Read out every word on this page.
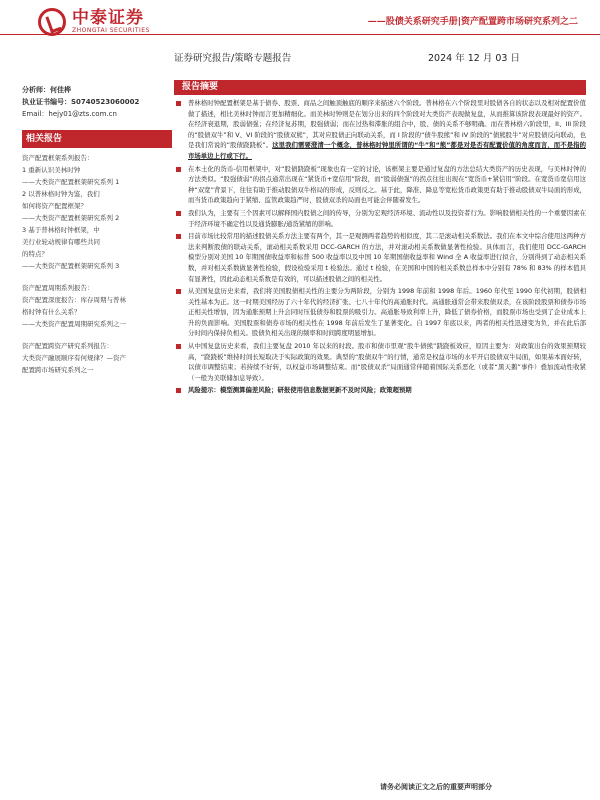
中泰证券
ZHONGTAI SECURITIES
——股债关系研究手册|资产配置跨市场研究系列之二
证券研究报告/策略专题报告	2024 年 12 月 03 日
分析师：何佳桦
执业证书编号：S0740523060002
Email：hejy01@zts.com.cn
相关报告
资产配置框架系列报告：
1 重新认识美林时钟
——大类资产配置框架研究系列 1
2 以普林格时钟为鉴，我们
如何将资产配置框架？
——大类资产配置框架研究系列 2
3 基于普林格时钟框架，中
美行业轮动规律有哪些共同
的特点？
——大类资产配置框架研究系列 3
资产配置周期系列报告：
资产配置深度报告：库存周期与普林
格时钟有什么关系？
——大类资产配置周期研究系列之一
资产配置跨资产研究系列报告：
大类资产融展顺序有何规律？—资产
配置跨市场研究系列之一
报告摘要
普林格时钟配置框架是基于债券、股票、商品之间触顶触底的顺序来描述六个阶段。普林格在六个阶段里对股债各自的状态以及相对配置价值做了描述，相比美林时钟而言更加精细化。而美林时钟则是在划分出来的四个阶段对大类资产表现做复盘，从而推算该阶段表现最好的资产。在经济衰退期，股弱债强；在经济复苏期，股强债弱；而在过热和滞胀的组合中，股、债的关系不够明确。而在普林格六阶段里，II、III 阶段的“股债双牛”和 V、VI 阶段的“股债双熊”，其对应股债正向联动关系，而 I 阶段的“债牛股熊”和 IV 阶段的“债熊股牛”对应股债反向联动，也是我们常说的“股债跷跷板”。这里我们需要澄清一个概念，普林格时钟里所谓的“牛”和“熊”都是对是否有配置价值的角度而言，而不是指的市场单边上行或下行。
在本土化的货币-信用框架中，对“股债跷跷板”现象也有一定的讨论，该框架主要是通过复盘的方法总结大类资产的历史表现，与美林时钟的方法类似。“股强债弱”的拐点通常出现在“紧货币+宽信用”阶段，而“股弱债强”的拐点往往出现在“宽货币+紧信用”阶段。在宽货币宽信用这种“双宽”背景下，往往有助于推动股债双牛格局的形成，反则反之。基于此，降准、降息等宽松货币政策更有助于推动股债双牛局面的形成，而当货币政策趋向于紧缩、监管政策趋严时，股债双杀的局面也可能会伴随着发生。
我们认为，主要有三个因素可以解释国内股债之间的传导，分别为宏观经济环境、流动性以及投资者行为。影响股债相关性的一个重要因素在于经济环境不确定性以及通货膨胀/通货紧缩的影响。
目前市场比较常用的描述股债关系方法主要有两个，其一是观测两者趋势的相似度，其二是滚动相关系数法。我们在本文中综合使用这两种方法来判断股债的联动关系，滚动相关系数采用 DCC-GARCH 的方法，并对滚动相关系数做显著性检验。具体而言，我们使用 DCC-GARCH 模型分别对美国 10 年期国债收益率和标普 500 收益率以及中国 10 年期国债收益率和 Wind 全 A 收益率进行拟合，分别得到了动态相关系数，并对相关系数做显著性检验，假设检验采用 t 检验法。通过 t 检验，在美国和中国的相关系数总样本中分别有 78% 和 83% 的样本值具有显著性，因此动态相关系数是有效的，可以描述股债之间的相关性。
从美国复盘历史来看，我们将美国股债相关性的主要分为两阶段，分别为 1998 年前和 1998 年后。1960 年代至 1990 年代初期，股债相关性基本为正。这一时期美国经历了六十年代的经济扩张、七八十年代的高通胀时代。高通胀通常会带来股债双杀，在该阶段股票和债券市场正相关性增加，因为通胀预期上升会同时压低债券和股票的吸引力。高通胀导致利率上升，降低了债券价格，而股票市场也受到了企业成本上升的负面影响。美国股票和债券市场的相关性在 1998 年前后发生了显著变化。自 1997 年底以来，两者的相关性迅速变为负，并在此后部分时间内保持负相关。股债负相关出现的频率和时间跨度明显增加。
从中国复盘历史来看，我们主要复盘 2010 年以来的时段。股市和债市里观“股牛债熊”跷跷板效应，原因主要为：对政策出台的效果预期较高，“跷跷板”维持时间长短取决于实际政策的效果。典型的“股债双牛”的行情，通常是权益市场的水平开启股债双牛局面，如果基本面好转，以债市调整结束；若持续不好转，以权益市场调整结束。而“股债双杀”局面通常伴随着国际关系恶化（或者“黑天鹅”事件）叠加流动性收紧（一般为美联储加息导致）。
风险提示：模型测算偏差风险；研报使用信息数据更新不及时风险；政策超预期
请务必阅读正文之后的重要声明部分
